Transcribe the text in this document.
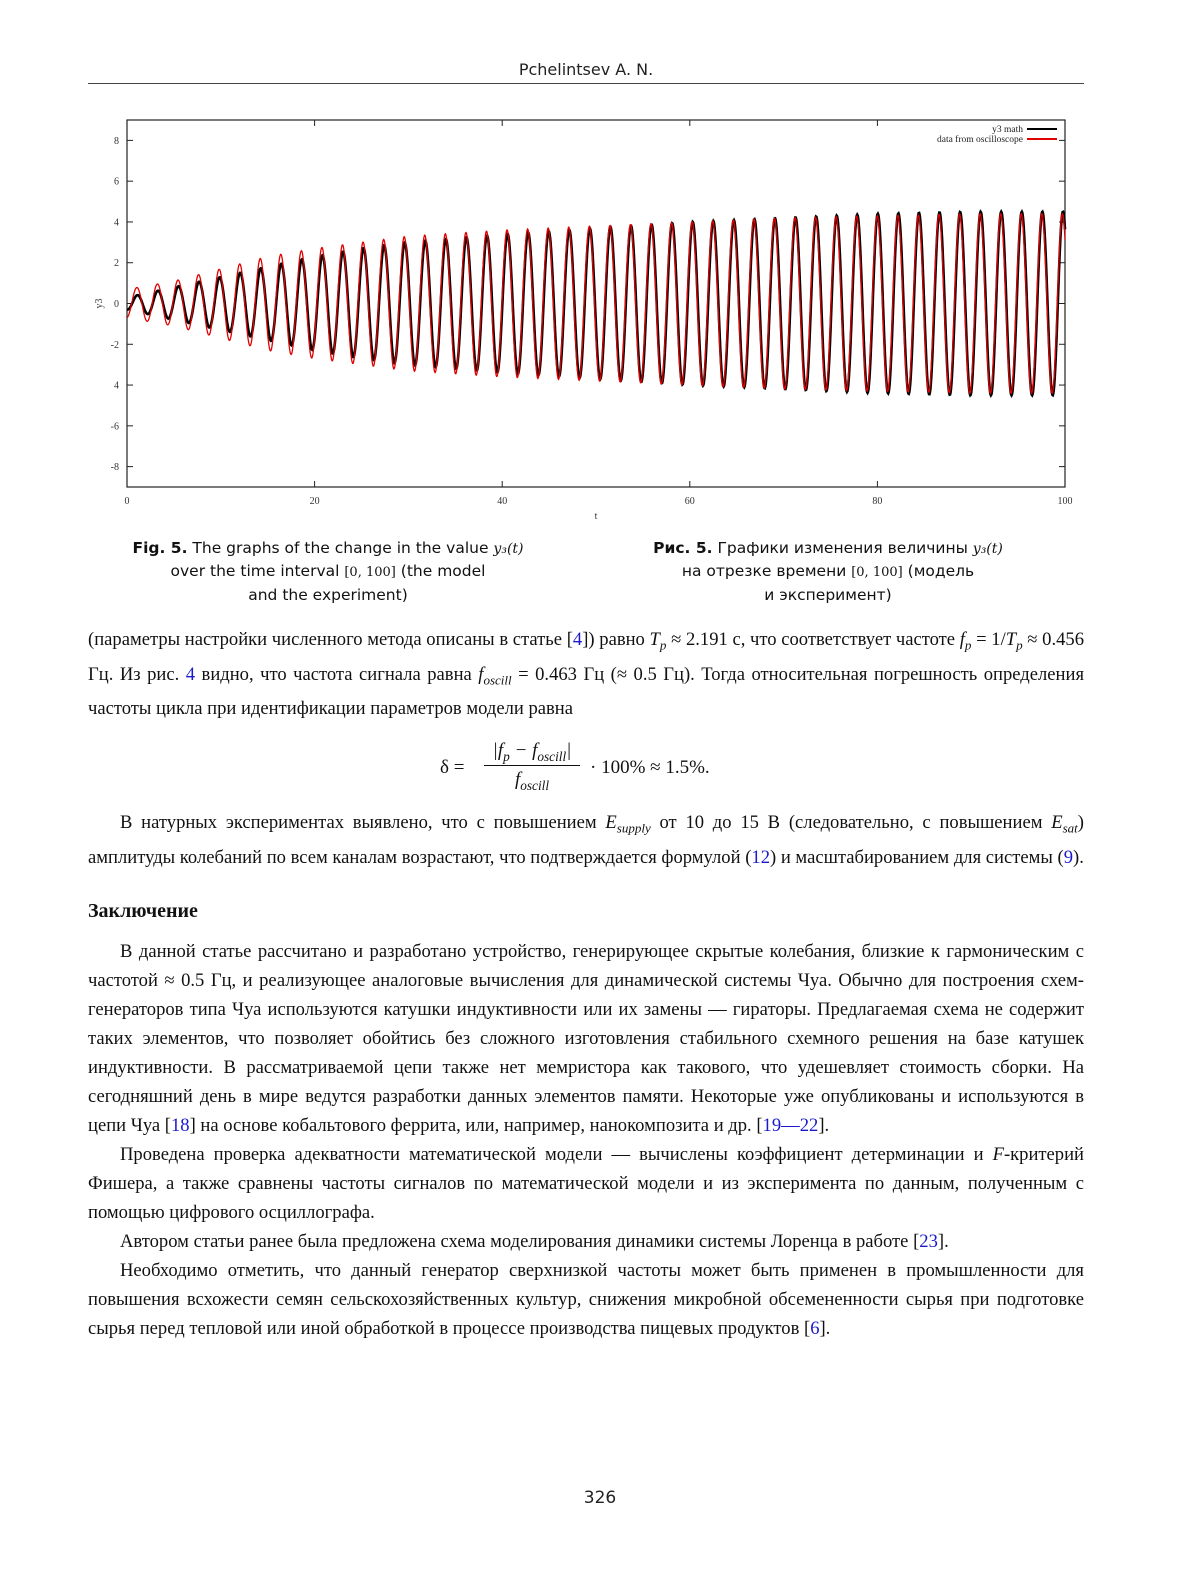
Pchelintsev A. N.
8
6
4
2
0
-2
4
-6
-8
0	20	40	60	80	100
t
y3
y3 math
data from oscilloscope
Fig. 5. The graphs of the change in the value y₃(t)
over the time interval [0, 100] (the model
and the experiment)
Рис. 5. Графики изменения величины y₃(t)
на отрезке времени [0, 100] (модель
и эксперимент)

(параметры настройки численного метода описаны в статье [4]) равно $T_p \approx 2.191$ с, что соответствует частоте $f_p = 1/T_p \approx 0.456$ Гц. Из рис. 4 видно, что частота сигнала равна $f_{oscill} = 0.463$ Гц (≈ 0.5 Гц). Тогда относительная погрешность определения частоты цикла при идентификации параметров модели равна

δ =
$|f_p - f_{oscill}|$
$f_{oscill}$
· 100% ≈ 1.5%.

В натурных экспериментах выявлено, что с повышением $E_{supply}$ от 10 до 15 В (следовательно, с повышением $E_{sat}$) амплитуды колебаний по всем каналам возрастают, что подтверждается формулой (12) и масштабированием для системы (9).

Заключение

В данной статье рассчитано и разработано устройство, генерирующее скрытые колебания, близкие к гармоническим с частотой ≈ 0.5 Гц, и реализующее аналоговые вычисления для динамической системы Чуа. Обычно для построения схем-генераторов типа Чуа используются катушки индуктивности или их замены — гираторы. Предлагаемая схема не содержит таких элементов, что позволяет обойтись без сложного изготовления стабильного схемного решения на базе катушек индуктивности. В рассматриваемой цепи также нет мемристора как такового, что удешевляет стоимость сборки. На сегодняшний день в мире ведутся разработки данных элементов памяти. Некоторые уже опубликованы и используются в цепи Чуа [18] на основе кобальтового феррита, или, например, нанокомпозита и др. [19—22].

Проведена проверка адекватности математической модели — вычислены коэффициент детерминации и F-критерий Фишера, а также сравнены частоты сигналов по математической модели и из эксперимента по данным, полученным с помощью цифрового осциллографа.

Автором статьи ранее была предложена схема моделирования динамики системы Лоренца в работе [23].

Необходимо отметить, что данный генератор сверхнизкой частоты может быть применен в промышленности для повышения всхожести семян сельскохозяйственных культур, снижения микробной обсемененности сырья при подготовке сырья перед тепловой или иной обработкой в процессе производства пищевых продуктов [6].

326
